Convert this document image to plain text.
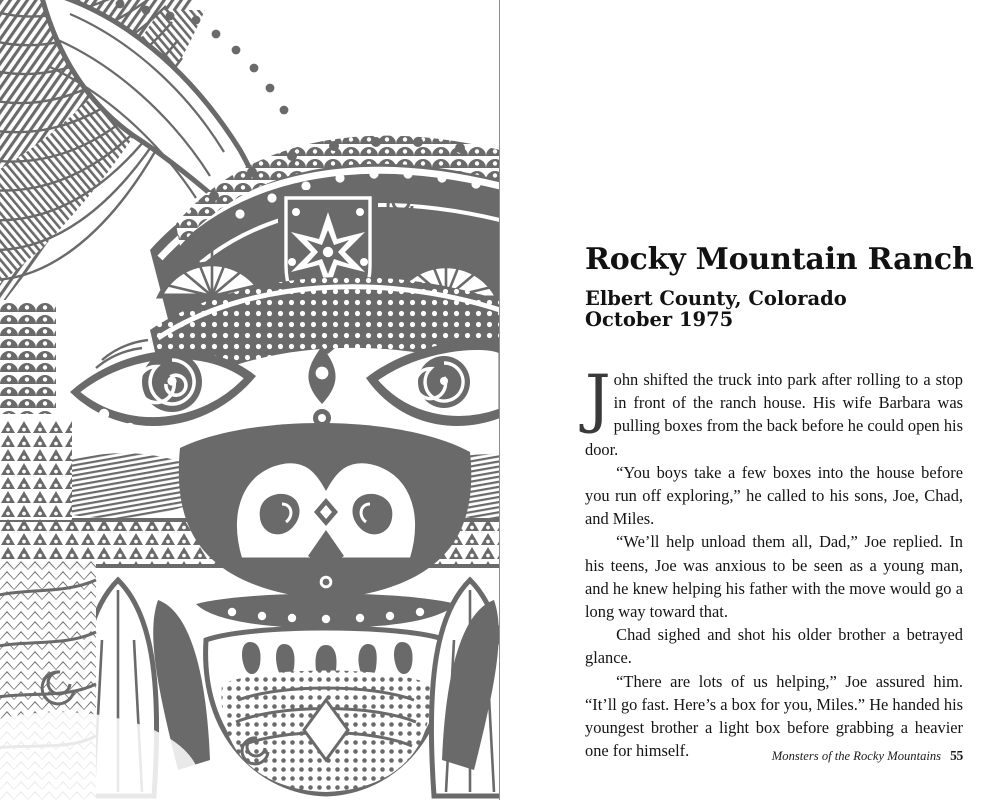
Rocky Mountain Ranch
Elbert County, Colorado
October 1975

John shifted the truck into park after rolling to a stop in front of the ranch house. His wife Barbara was pulling boxes from the back before he could open his door.

“You boys take a few boxes into the house before you run off exploring,” he called to his sons, Joe, Chad, and Miles.

“We’ll help unload them all, Dad,” Joe replied. In his teens, Joe was anxious to be seen as a young man, and he knew helping his father with the move would go a long way toward that.

Chad sighed and shot his older brother a betrayed glance.

“There are lots of us helping,” Joe assured him. “It’ll go fast. Here’s a box for you, Miles.” He handed his youngest brother a light box before grabbing a heavier one for himself.	Monsters of the Rocky Mountains 55
